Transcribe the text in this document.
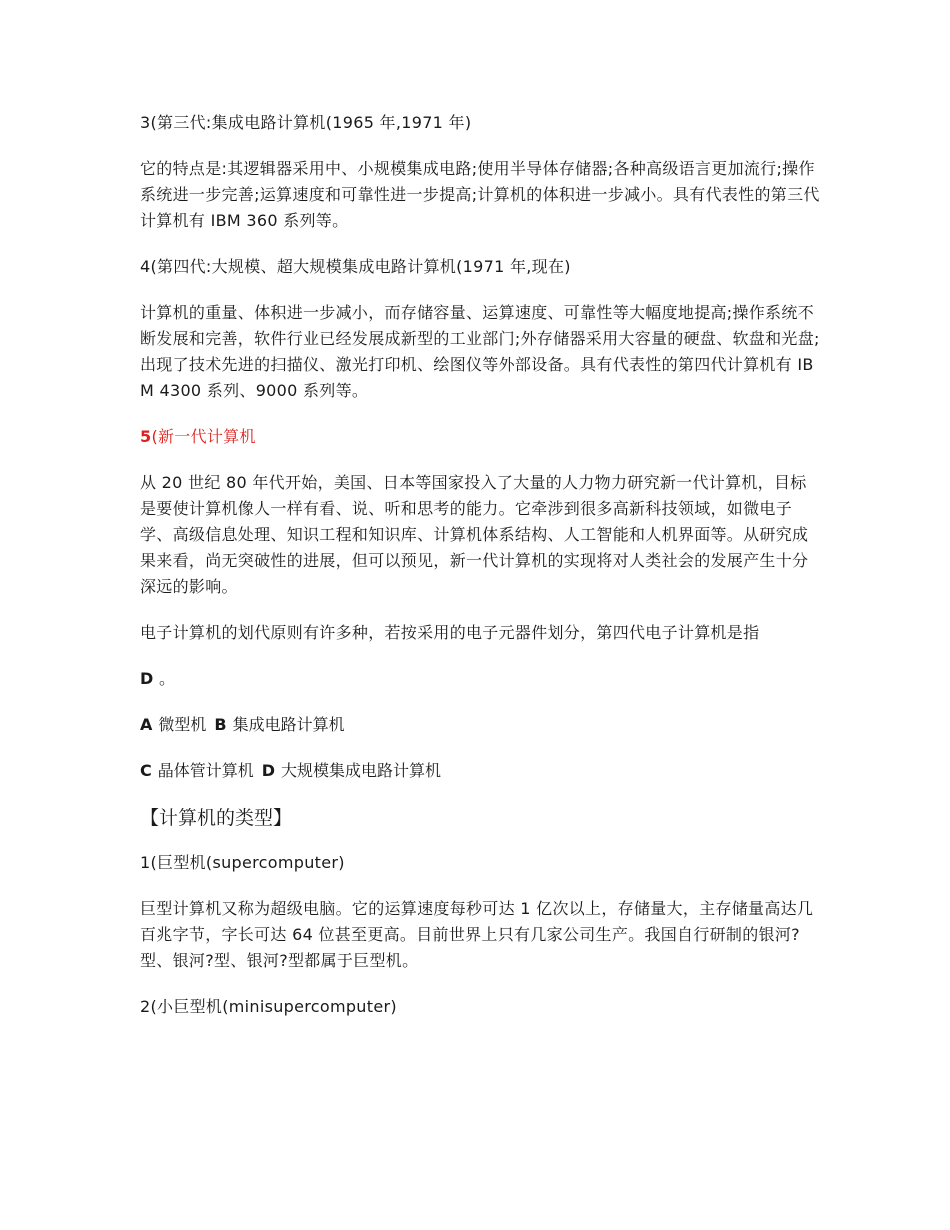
3(第三代:集成电路计算机(1965 年,1971 年)
它的特点是:其逻辑器采用中、小规模集成电路;使用半导体存储器;各种高级语言更加流行;操作系统进一步完善;运算速度和可靠性进一步提高;计算机的体积进一步减小。具有代表性的第三代计算机有 IBM 360 系列等。
4(第四代:大规模、超大规模集成电路计算机(1971 年,现在)
计算机的重量、体积进一步减小，而存储容量、运算速度、可靠性等大幅度地提高;操作系统不断发展和完善，软件行业已经发展成新型的工业部门;外存储器采用大容量的硬盘、软盘和光盘;出现了技术先进的扫描仪、激光打印机、绘图仪等外部设备。具有代表性的第四代计算机有 IBM 4300 系列、9000 系列等。
5(新一代计算机
从 20 世纪 80 年代开始，美国、日本等国家投入了大量的人力物力研究新一代计算机，目标是要使计算机像人一样有看、说、听和思考的能力。它牵涉到很多高新科技领域，如微电子学、高级信息处理、知识工程和知识库、计算机体系结构、人工智能和人机界面等。从研究成果来看，尚无突破性的进展，但可以预见，新一代计算机的实现将对人类社会的发展产生十分深远的影响。
电子计算机的划代原则有许多种，若按采用的电子元器件划分，第四代电子计算机是指
D 。
A 微型机 B 集成电路计算机
C 晶体管计算机 D 大规模集成电路计算机
【计算机的类型】
1(巨型机(supercomputer)
巨型计算机又称为超级电脑。它的运算速度每秒可达 1 亿次以上，存储量大，主存储量高达几百兆字节，字长可达 64 位甚至更高。目前世界上只有几家公司生产。我国自行研制的银河?型、银河?型、银河?型都属于巨型机。
2(小巨型机(minisupercomputer)
